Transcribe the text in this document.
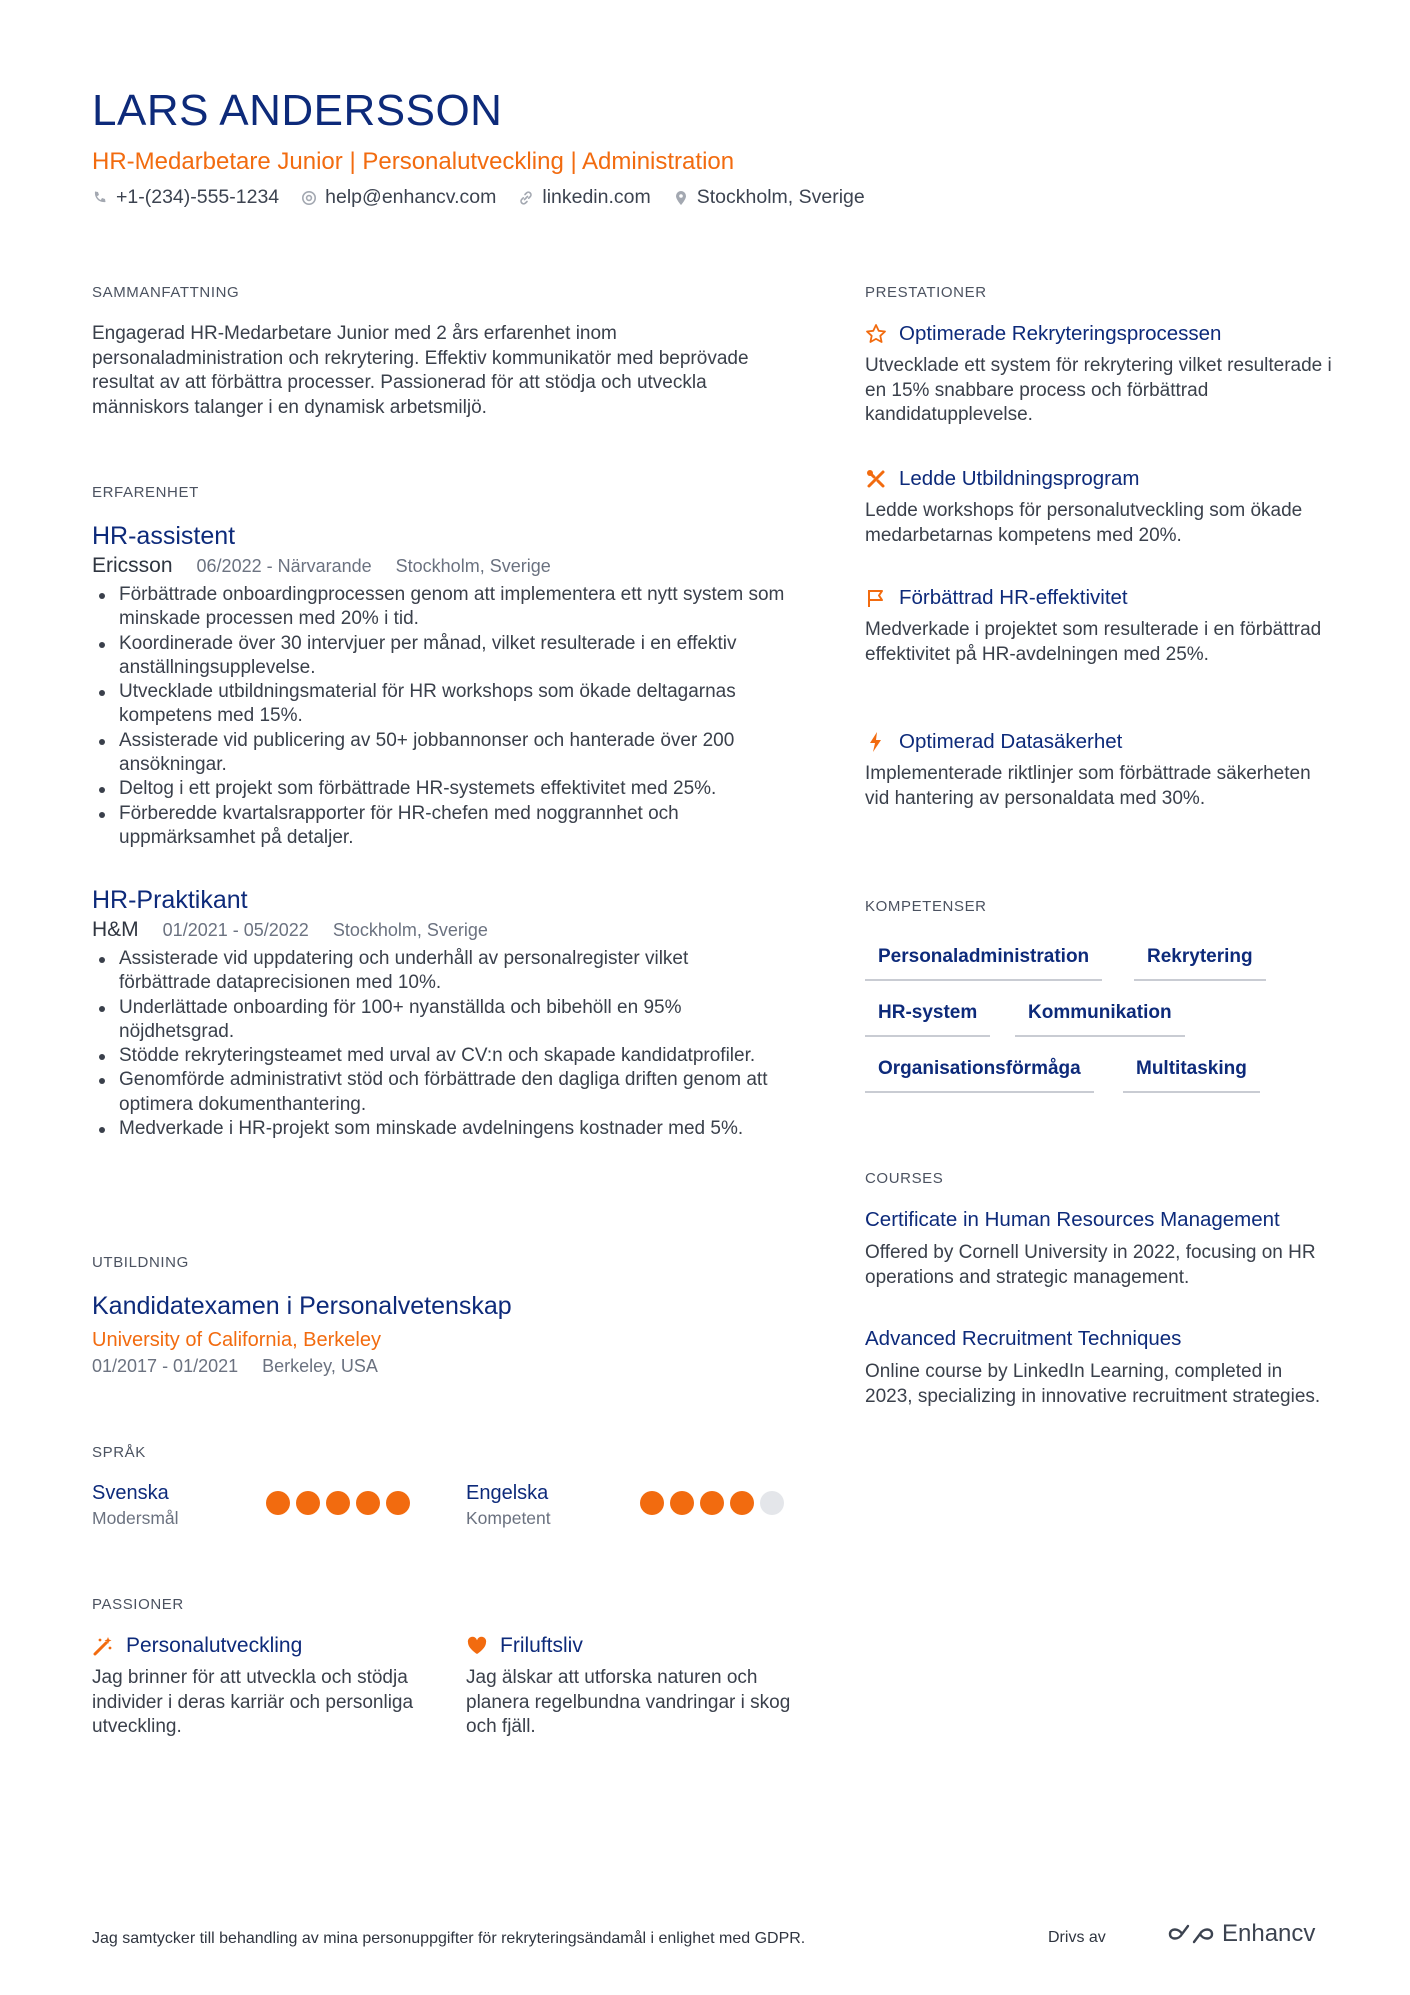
LARS ANDERSSON
HR-Medarbetare Junior | Personalutveckling | Administration
+1-(234)-555-1234 help@enhancv.com linkedin.com Stockholm, Sverige
SAMMANFATTNING

Engagerad HR-Medarbetare Junior med 2 års erfarenhet inom personaladministration och rekrytering. Effektiv kommunikatör med beprövade resultat av att förbättra processer. Passionerad för att stödja och utveckla människors talanger i en dynamisk arbetsmiljö.

ERFARENHET
HR-assistent
Ericsson 06/2022 - Närvarande Stockholm, Sverige
Förbättrade onboardingprocessen genom att implementera ett nytt system som minskade processen med 20% i tid.
Koordinerade över 30 intervjuer per månad, vilket resulterade i en effektiv anställningsupplevelse.
Utvecklade utbildningsmaterial för HR workshops som ökade deltagarnas kompetens med 15%.
Assisterade vid publicering av 50+ jobbannonser och hanterade över 200 ansökningar.
Deltog i ett projekt som förbättrade HR-systemets effektivitet med 25%.
Förberedde kvartalsrapporter för HR-chefen med noggrannhet och uppmärksamhet på detaljer.
HR-Praktikant
H&M 01/2021 - 05/2022 Stockholm, Sverige
Assisterade vid uppdatering och underhåll av personalregister vilket förbättrade dataprecisionen med 10%.
Underlättade onboarding för 100+ nyanställda och bibehöll en 95% nöjdhetsgrad.
Stödde rekryteringsteamet med urval av CV:n och skapade kandidatprofiler.
Genomförde administrativt stöd och förbättrade den dagliga driften genom att optimera dokumenthantering.
Medverkade i HR-projekt som minskade avdelningens kostnader med 5%.
UTBILDNING
Kandidatexamen i Personalvetenskap
University of California, Berkeley
01/2017 - 01/2021 Berkeley, USA
SPRÅK
Svenska
Modersmål
Engelska
Kompetent
PASSIONER
Personalutveckling
Jag brinner för att utveckla och stödja individer i deras karriär och personliga utveckling.
Friluftsliv
Jag älskar att utforska naturen och planera regelbundna vandringar i skog och fjäll.
PRESTATIONER
Optimerade Rekryteringsprocessen
Utvecklade ett system för rekrytering vilket resulterade i en 15% snabbare process och förbättrad kandidatupplevelse.
Ledde Utbildningsprogram
Ledde workshops för personalutveckling som ökade medarbetarnas kompetens med 20%.
Förbättrad HR-effektivitet
Medverkade i projektet som resulterade i en förbättrad effektivitet på HR-avdelningen med 25%.
Optimerad Datasäkerhet
Implementerade riktlinjer som förbättrade säkerheten vid hantering av personaldata med 30%.
KOMPETENSER
Personaladministration	Rekrytering
HR-system	Kommunikation
Organisationsförmåga	Multitasking
COURSES
Certificate in Human Resources Management
Offered by Cornell University in 2022, focusing on HR operations and strategic management.
Advanced Recruitment Techniques
Online course by LinkedIn Learning, completed in 2023, specializing in innovative recruitment strategies.
Jag samtycker till behandling av mina personuppgifter för rekryteringsändamål i enlighet med GDPR.	Drivs av	Enhancv
